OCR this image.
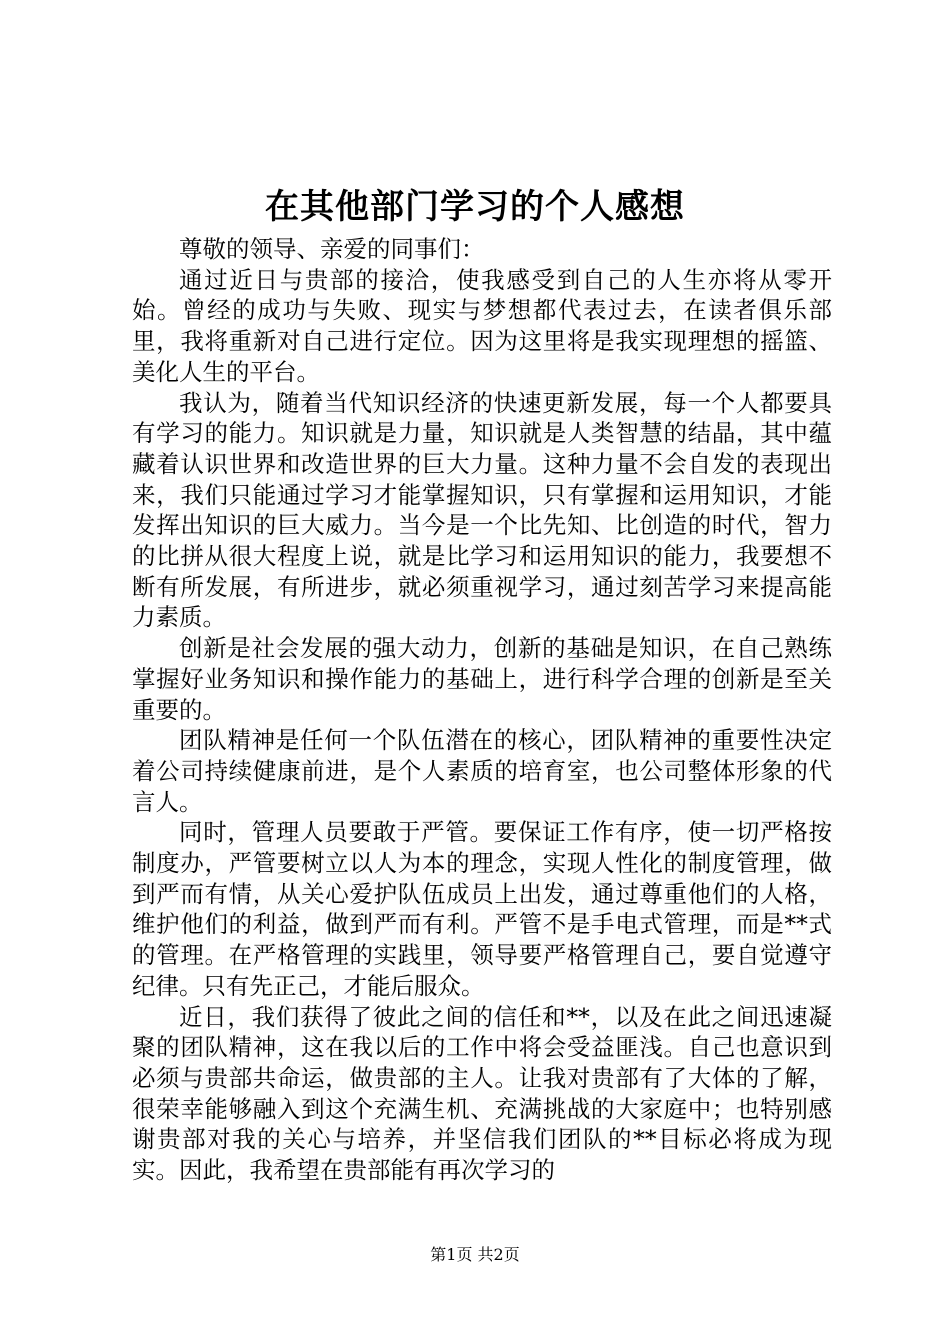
在其他部门学习的个人感想

尊敬的领导、亲爱的同事们：

通过近日与贵部的接洽，使我感受到自己的人生亦将从零开始。曾经的成功与失败、现实与梦想都代表过去，在读者俱乐部里，我将重新对自己进行定位。因为这里将是我实现理想的摇篮、美化人生的平台。

我认为，随着当代知识经济的快速更新发展，每一个人都要具有学习的能力。知识就是力量，知识就是人类智慧的结晶，其中蕴藏着认识世界和改造世界的巨大力量。这种力量不会自发的表现出来，我们只能通过学习才能掌握知识，只有掌握和运用知识，才能发挥出知识的巨大威力。当今是一个比先知、比创造的时代，智力的比拼从很大程度上说，就是比学习和运用知识的能力，我要想不断有所发展，有所进步，就必须重视学习，通过刻苦学习来提高能力素质。

创新是社会发展的强大动力，创新的基础是知识，在自己熟练掌握好业务知识和操作能力的基础上，进行科学合理的创新是至关重要的。

团队精神是任何一个队伍潜在的核心，团队精神的重要性决定着公司持续健康前进，是个人素质的培育室，也公司整体形象的代言人。

同时，管理人员要敢于严管。要保证工作有序，使一切严格按制度办，严管要树立以人为本的理念，实现人性化的制度管理，做到严而有情，从关心爱护队伍成员上出发，通过尊重他们的人格，维护他们的利益，做到严而有利。严管不是手电式管理，而是**式的管理。在严格管理的实践里，领导要严格管理自己，要自觉遵守纪律。只有先正己，才能后服众。

近日，我们获得了彼此之间的信任和**，以及在此之间迅速凝聚的团队精神，这在我以后的工作中将会受益匪浅。自己也意识到必须与贵部共命运，做贵部的主人。让我对贵部有了大体的了解，很荣幸能够融入到这个充满生机、充满挑战的大家庭中；也特别感谢贵部对我的关心与培养，并坚信我们团队的**目标必将成为现实。因此，我希望在贵部能有再次学习的

第1页 共2页
